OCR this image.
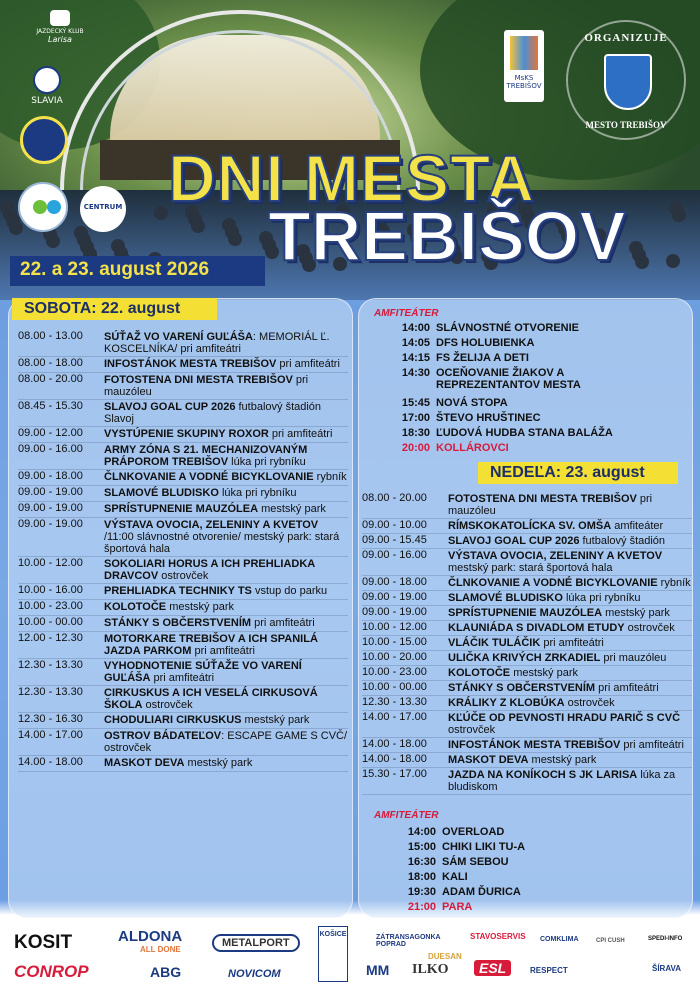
JAZDECKÝ KLUB
Larisa
SLAVIA
CENTRUM
MsKS
TREBIŠOV
ORGANIZUJE
MESTO TREBIŠOV
DNI MESTA
TREBIŠOV
22. a 23. august 2026
SOBOTA: 22. august
08.00 - 13.00	SÚŤAŽ VO VARENÍ GUĽÁŠA: MEMORIÁL Ľ. KOSCELNÍKA/ pri amfiteátri
08.00 - 18.00	INFOSTÁNOK MESTA TREBIŠOV pri amfiteátri
08.00 - 20.00	FOTOSTENA DNI MESTA TREBIŠOV pri mauzóleu
08.45 - 15.30	SLAVOJ GOAL CUP 2026 futbalový štadión Slavoj
09.00 - 12.00	VYSTÚPENIE SKUPINY ROXOR pri amfiteátri
09.00 - 16.00	ARMY ZÓNA S 21. MECHANIZOVANÝM PRÁPOROM TREBIŠOV lúka pri rybníku
09.00 - 18.00	ČLNKOVANIE A VODNÉ BICYKLOVANIE rybník
09.00 - 19.00	SLAMOVÉ BLUDISKO lúka pri rybníku
09.00 - 19.00	SPRÍSTUPNENIE MAUZÓLEA mestský park
09.00 - 19.00	VÝSTAVA OVOCIA, ZELENINY A KVETOV /11:00 slávnostné otvorenie/ mestský park: stará športová hala
10.00 - 12.00	SOKOLIARI HORUS A ICH PREHLIADKA DRAVCOV ostrovček
10.00 - 16.00	PREHLIADKA TECHNIKY TS vstup do parku
10.00 - 23.00	KOLOTOČE mestský park
10.00 - 00.00	STÁNKY S OBČERSTVENÍM pri amfiteátri
12.00 - 12.30	MOTORKARE TREBIŠOV A ICH SPANILÁ JAZDA PARKOM pri amfiteátri
12.30 - 13.30	VYHODNOTENIE SÚŤAŽE VO VARENÍ GUĽÁŠA pri amfiteátri
12.30 - 13.30	CIRKUSKUS A ICH VESELÁ CIRKUSOVÁ ŠKOLA ostrovček
12.30 - 16.30	CHODULIARI CIRKUSKUS mestský park
14.00 - 17.00	OSTROV BÁDATEĽOV: ESCAPE GAME S CVČ/ ostrovček
14.00 - 18.00	MASKOT DEVA mestský park
AMFITEÁTER
14:00 SLÁVNOSTNÉ OTVORENIE
14:05 DFS HOLUBIENKA
14:15 FS ŽELIJA A DETI
14:30 OCEŇOVANIE ŽIAKOV A REPREZENTANTOV MESTA
15:45 NOVÁ STOPA
17:00 ŠTEVO HRUŠTINEC
18:30 ĽUDOVÁ HUDBA STANA BALÁŽA
20:00 KOLLÁROVCI
NEDEĽA: 23. august
08.00 - 20.00	FOTOSTENA DNI MESTA TREBIŠOV pri mauzóleu
09.00 - 10.00	RÍMSKOKATOLÍCKA SV. OMŠA amfiteáter
09.00 - 15.45	SLAVOJ GOAL CUP 2026 futbalový štadión
09.00 - 16.00	VÝSTAVA OVOCIA, ZELENINY A KVETOV mestský park: stará športová hala
09.00 - 18.00	ČLNKOVANIE A VODNÉ BICYKLOVANIE rybník
09.00 - 19.00	SLAMOVÉ BLUDISKO lúka pri rybníku
09.00 - 19.00	SPRÍSTUPNENIE MAUZÓLEA mestský park
10.00 - 12.00	KLAUNIÁDA S DIVADLOM ETUDY ostrovček
10.00 - 15.00	VLÁČIK TULÁČIK pri amfiteátri
10.00 - 20.00	ULIČKA KRIVÝCH ZRKADIEL pri mauzóleu
10.00 - 23.00	KOLOTOČE mestský park
10.00 - 00.00	STÁNKY S OBČERSTVENÍM pri amfiteátri
12.30 - 13.30	KRÁLIKY Z KLOBÚKA ostrovček
14.00 - 17.00	KĽÚČE OD PEVNOSTI HRADU PARIČ S CVČ ostrovček
14.00 - 18.00	INFOSTÁNOK MESTA TREBIŠOV pri amfiteátri
14.00 - 18.00	MASKOT DEVA mestský park
15.30 - 17.00	JAZDA NA KONÍKOCH S JK LARISA lúka za bludiskom
AMFITEÁTER
14:00 OVERLOAD
15:00 CHIKI LIKI TU-A
16:30 SÁM SEBOU
18:00 KALI
19:30 ADAM ĎURICA
21:00 PARA
KOSIT	ALDONA
ALL DONE
METALPORT
KOŠICE	ZÁTRANSAGONKA POPRAD
DUESAN
STAVOSERVIS COMKLIMA	CPI CUSH	SPEDI-INFO
CONROP	ABG	NOVICOM	MM ILKO	ESL	RESPECT	ŠÍRAVA
